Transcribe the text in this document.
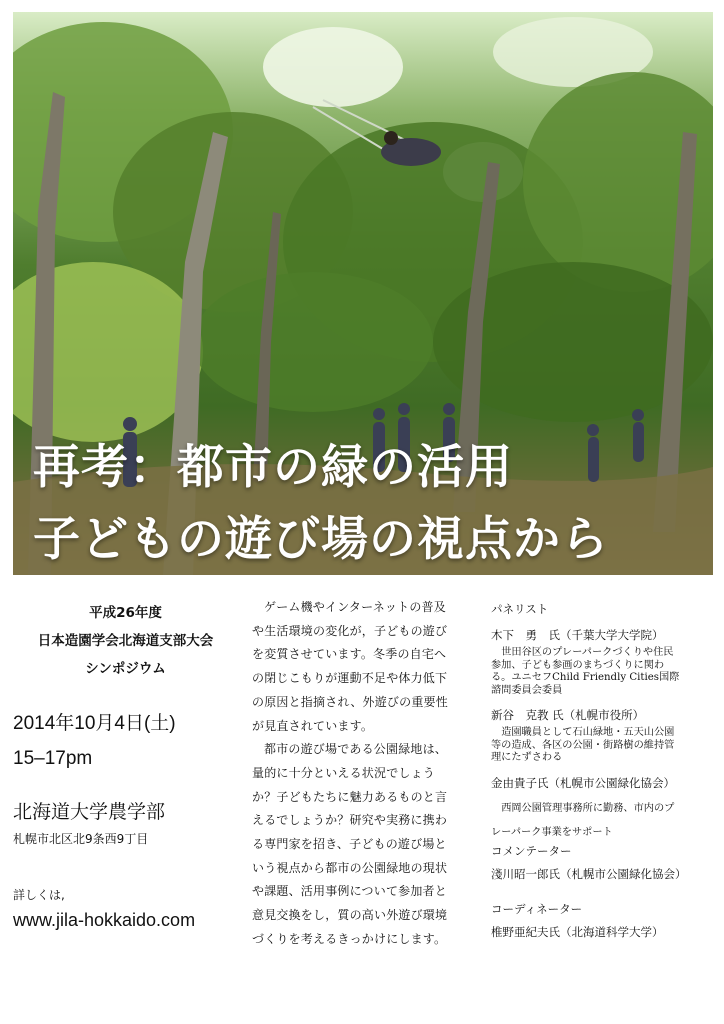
再考：都市の緑の活用
子どもの遊び場の視点から
平成26年度
日本造園学会北海道支部大会
シンポジウム
2014年10月4日(土)
15–17pm
北海道大学農学部
札幌市北区北9条西9丁目
詳しくは,
www.jila-hokkaido.com

ゲーム機やインターネットの普及や生活環境の変化が，子どもの遊びを変質させています。冬季の自宅への閉じこもりが運動不足や体力低下の原因と指摘され、外遊びの重要性が見直されています。

都市の遊び場である公園緑地は、量的に十分といえる状況でしょうか？子どもたちに魅力あるものと言えるでしょうか？研究や実務に携わる専門家を招き、子どもの遊び場という視点から都市の公園緑地の現状や課題、活用事例について参加者と意見交換をし，質の高い外遊び環境づくりを考えるきっかけにします。

パネリスト
木下　勇　氏（千葉大学大学院）
世田谷区のプレーパークづくりや住民参加、子ども参画のまちづくりに関わる。ユニセフChild Friendly Cities国際諮問委員会委員
新谷　克教 氏（札幌市役所）
造園職員として石山緑地・五天山公園等の造成、各区の公園・街路樹の維持管理にたずさわる
金由貴子氏（札幌市公園緑化協会）
西岡公園管理事務所に勤務、市内のプレーパーク事業をサポート
コメンテーター
淺川昭一郎氏（札幌市公園緑化協会）
コーディネーター
椎野亜紀夫氏（北海道科学大学）
